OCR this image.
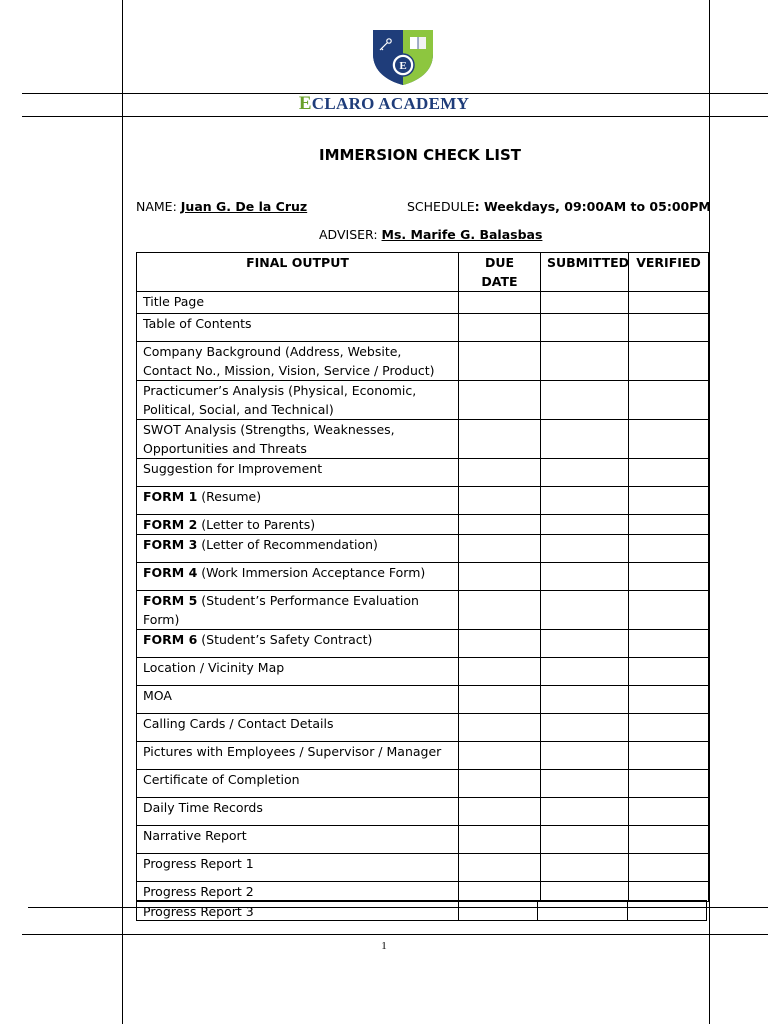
E
ECLARO ACADEMY
IMMERSION CHECK LIST
NAME: Juan G. De la Cruz	SCHEDULE: Weekdays, 09:00AM to 05:00PM
ADVISER: Ms. Marife G. Balasbas
FINAL OUTPUT	DUE DATE	SUBMITTED	VERIFIED
Title Page			
Table of Contents			
Company Background (Address, Website, Contact No., Mission, Vision, Service / Product)			
Practicumer’s Analysis (Physical, Economic, Political, Social, and Technical)			
SWOT Analysis (Strengths, Weaknesses, Opportunities and Threats			
Suggestion for Improvement			
FORM 1 (Resume)			
FORM 2 (Letter to Parents)			
FORM 3 (Letter of Recommendation)			
FORM 4 (Work Immersion Acceptance Form)			
FORM 5 (Student’s Performance Evaluation Form)			
FORM 6 (Student’s Safety Contract)			
Location / Vicinity Map			
MOA			
Calling Cards / Contact Details			
Pictures with Employees / Supervisor / Manager			
Certificate of Completion			
Daily Time Records			
Narrative Report			
Progress Report 1			
Progress Report 2			
Progress Report 3			
1
